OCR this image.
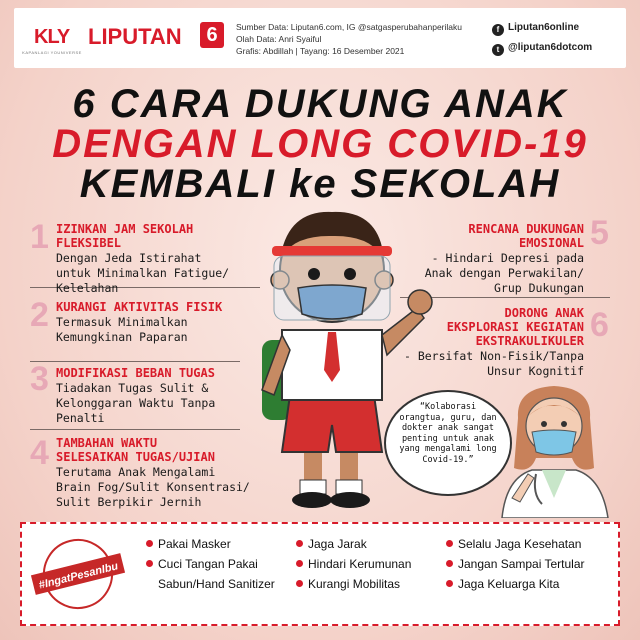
KLY
KAPANLAGI YOUNIVERSE
LIPUTAN	6	Sumber Data: Liputan6.com, IG @satgasperubahanperilaku
Olah Data: Anri Syaiful
Grafis: Abdillah | Tayang: 16 Desember 2021
f Liputan6online
t @liputan6dotcom
6 CARA DUKUNG ANAK
DENGAN LONG COVID-19
KEMBALI ke SEKOLAH
1 IZINKAN JAM SEKOLAH
FLEKSIBEL
Dengan Jeda Istirahat
untuk Minimalkan Fatigue/
Kelelahan
2 KURANGI AKTIVITAS FISIK
Termasuk Minimalkan
Kemungkinan Paparan
3 MODIFIKASI BEBAN TUGAS
Tiadakan Tugas Sulit &
Kelonggaran Waktu Tanpa
Penalti
4 TAMBAHAN WAKTU
SELESAIKAN TUGAS/UJIAN
Terutama Anak Mengalami
Brain Fog/Sulit Konsentrasi/
Sulit Berpikir Jernih
RENCANA DUKUNGAN
EMOSIONAL
- Hindari Depresi pada
Anak dengan Perwakilan/
Grup Dukungan
5
DORONG ANAK
EKSPLORASI KEGIATAN
EKSTRAKULIKULER
- Bersifat Non-Fisik/Tanpa
Unsur Kognitif
6
“Kolaborasi
orangtua, guru, dan
dokter anak sangat
penting untuk anak
yang mengalami long
Covid-19.”
#IngatPesanIbu
Pakai Masker
Cuci Tangan Pakai
Sabun/Hand Sanitizer
Jaga Jarak
Hindari Kerumunan
Kurangi Mobilitas
Selalu Jaga Kesehatan
Jangan Sampai Tertular
Jaga Keluarga Kita
